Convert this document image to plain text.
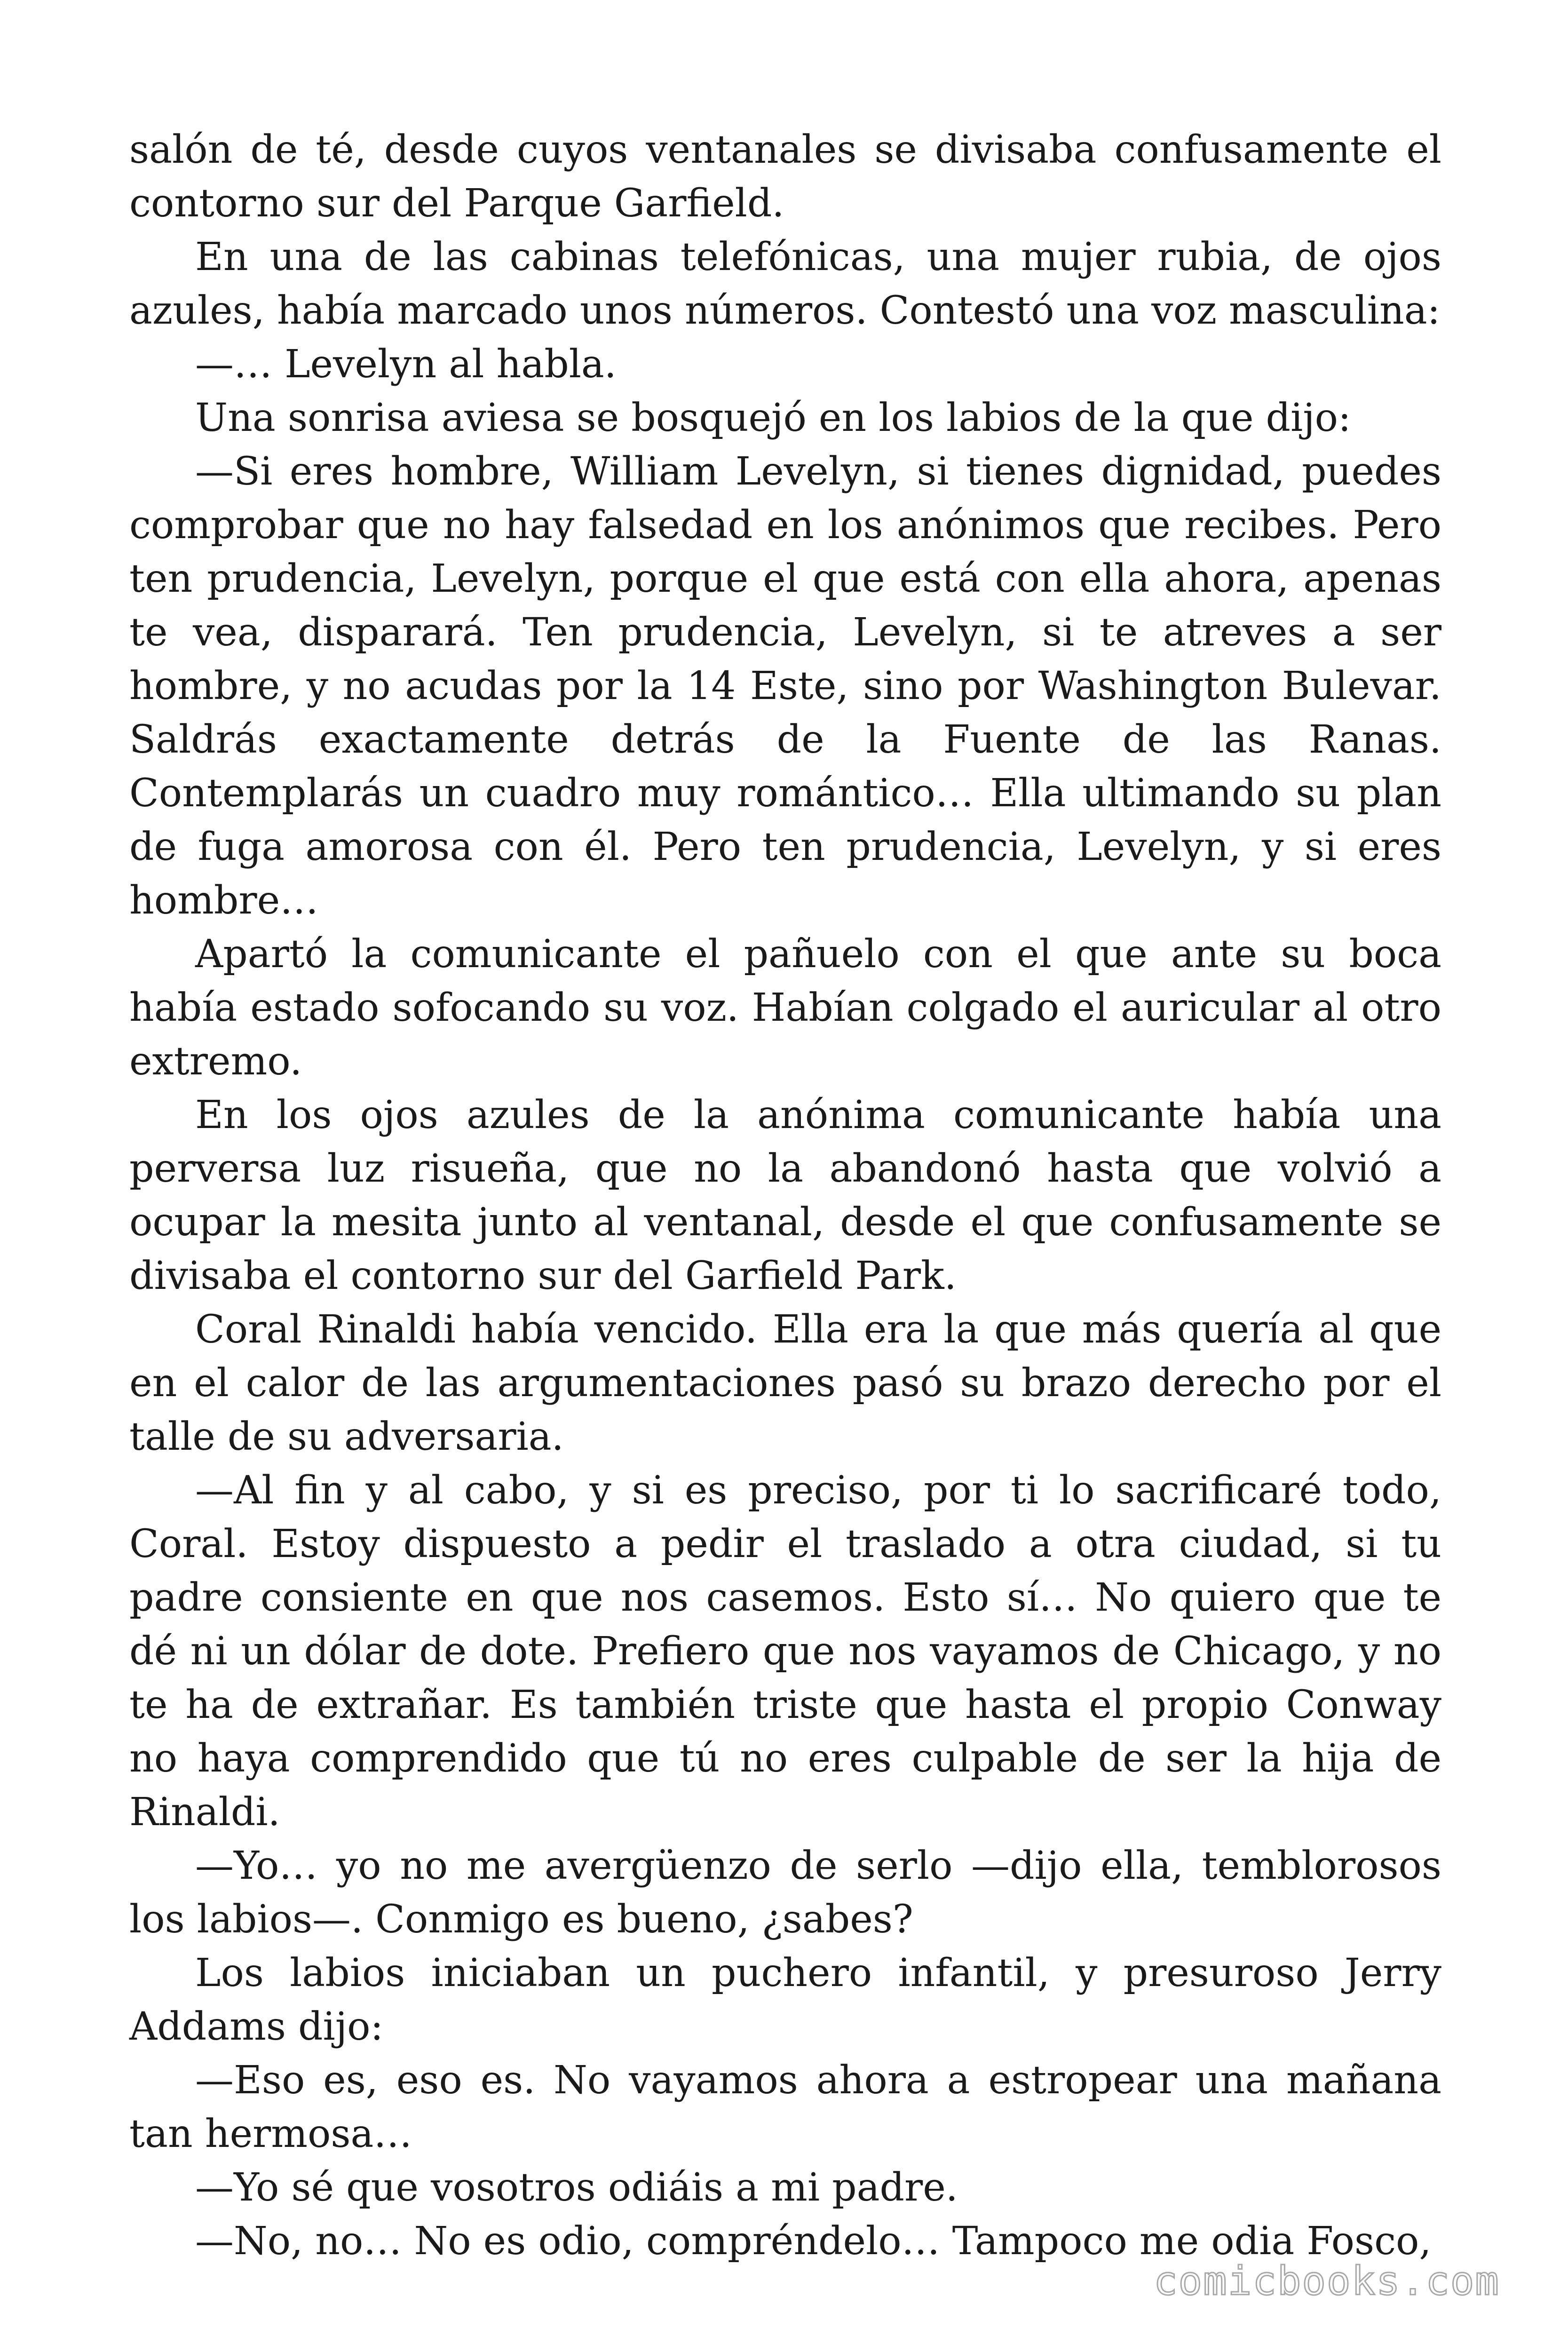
salón de té, desde cuyos ventanales se divisaba confusamente el contorno sur del Parque Garfield.

En una de las cabinas telefónicas, una mujer rubia, de ojos azules, había marcado unos números. Contestó una voz masculina:

—… Levelyn al habla.

Una sonrisa aviesa se bosquejó en los labios de la que dijo:

—Si eres hombre, William Levelyn, si tienes dignidad, puedes comprobar que no hay falsedad en los anónimos que recibes. Pero ten prudencia, Levelyn, porque el que está con ella ahora, apenas te vea, disparará. Ten prudencia, Levelyn, si te atreves a ser hombre, y no acudas por la 14 Este, sino por Washington Bulevar. Saldrás exactamente detrás de la Fuente de las Ranas. Contemplarás un cuadro muy romántico… Ella ultimando su plan de fuga amorosa con él. Pero ten prudencia, Levelyn, y si eres hombre…

Apartó la comunicante el pañuelo con el que ante su boca había estado sofocando su voz. Habían colgado el auricular al otro extremo.

En los ojos azules de la anónima comunicante había una perversa luz risueña, que no la abandonó hasta que volvió a ocupar la mesita junto al ventanal, desde el que confusamente se divisaba el contorno sur del Garfield Park.

Coral Rinaldi había vencido. Ella era la que más quería al que en el calor de las argumentaciones pasó su brazo derecho por el talle de su adversaria.

—Al fin y al cabo, y si es preciso, por ti lo sacrificaré todo, Coral. Estoy dispuesto a pedir el traslado a otra ciudad, si tu padre consiente en que nos casemos. Esto sí… No quiero que te dé ni un dólar de dote. Prefiero que nos vayamos de Chicago, y no te ha de extrañar. Es también triste que hasta el propio Conway no haya comprendido que tú no eres culpable de ser la hija de Rinaldi.

—Yo… yo no me avergüenzo de serlo —dijo ella, temblorosos los labios—. Conmigo es bueno, ¿sabes?

Los labios iniciaban un puchero infantil, y presuroso Jerry Addams dijo:

—Eso es, eso es. No vayamos ahora a estropear una mañana tan hermosa…

—Yo sé que vosotros odiáis a mi padre.

—No, no… No es odio, compréndelo… Tampoco me odia Fosco,

comicbooks.com
